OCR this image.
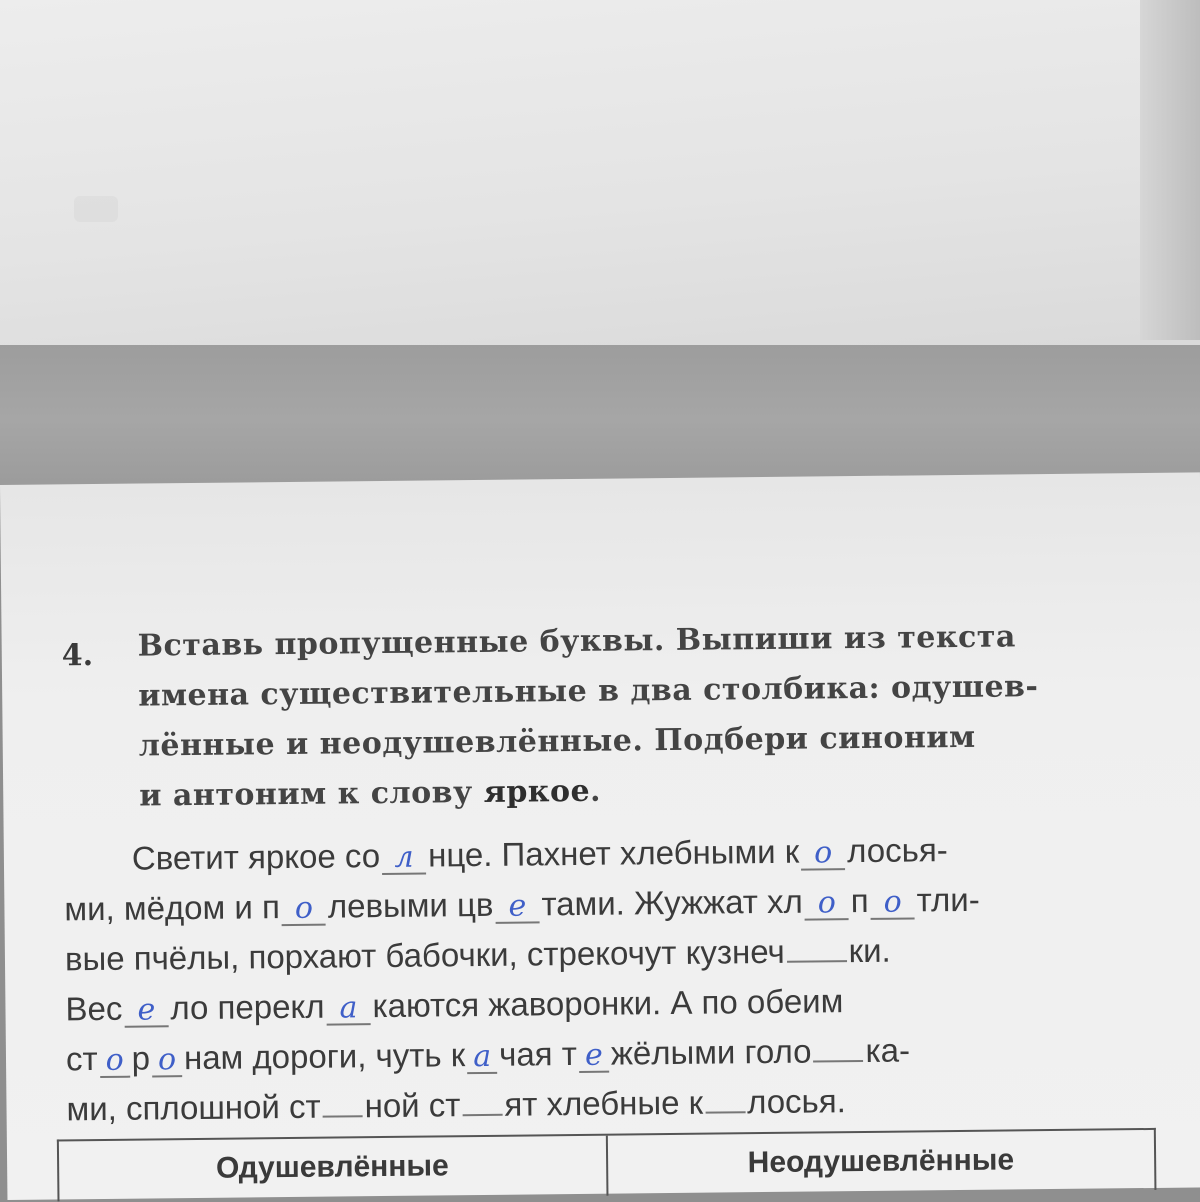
4. Вставь пропущенные буквы. Выпиши из текста
имена существительные в два столбика: одушев-
лённые и неодушевлённые. Подбери синоним
и антоним к слову яркое.
Светит яркое со л нце. Пахнет хлебными к о лосья-
ми, мёдом и п о левыми цв е тами. Жужжат хл о п о тли-
вые пчёлы, порхают бабочки, стрекочут кузнеч ки.
Вес е ло перекл а каются жаворонки. А по обеим
ст о р о нам дороги, чуть к а чая т е жёлыми голо ка-
ми, сплошной ст ной ст ят хлебные к лосья.
Одушевлённые	Неодушевлённые
